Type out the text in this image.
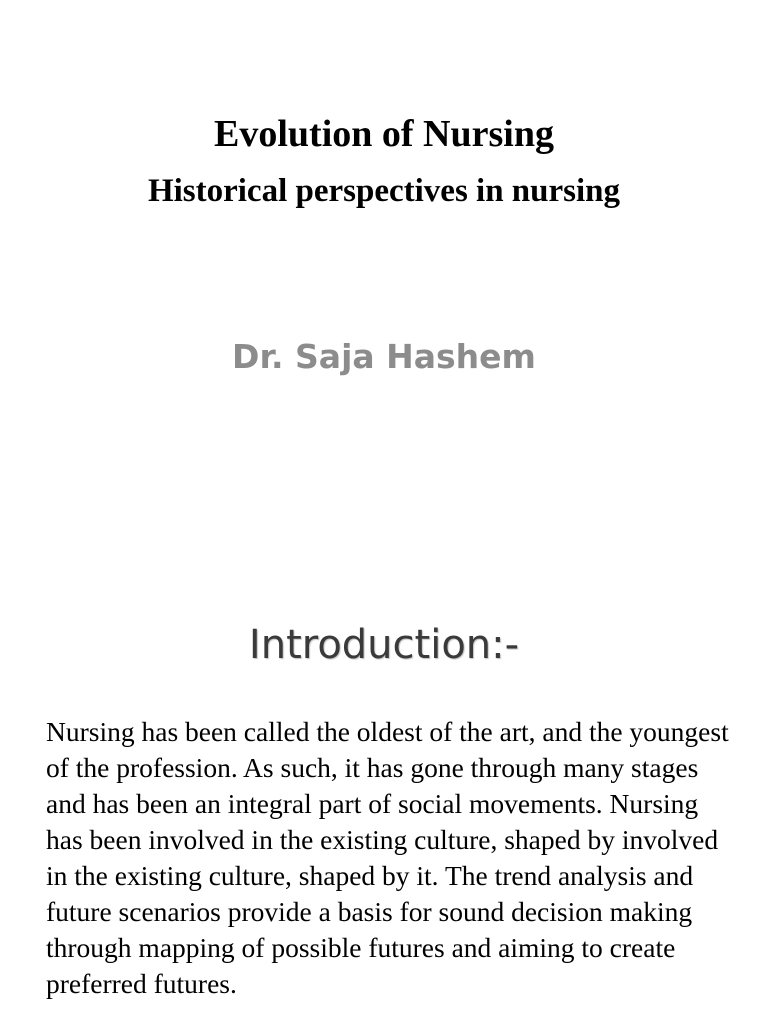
Evolution of Nursing
Historical perspectives in nursing

Dr. Saja Hashem

Introduction:-

Nursing has been called the oldest of the art, and the youngest of the profession. As such, it has gone through many stages and has been an integral part of social movements. Nursing has been involved in the existing culture, shaped by involved in the existing culture, shaped by it. The trend analysis and future scenarios provide a basis for sound decision making through mapping of possible futures and aiming to create preferred futures.
